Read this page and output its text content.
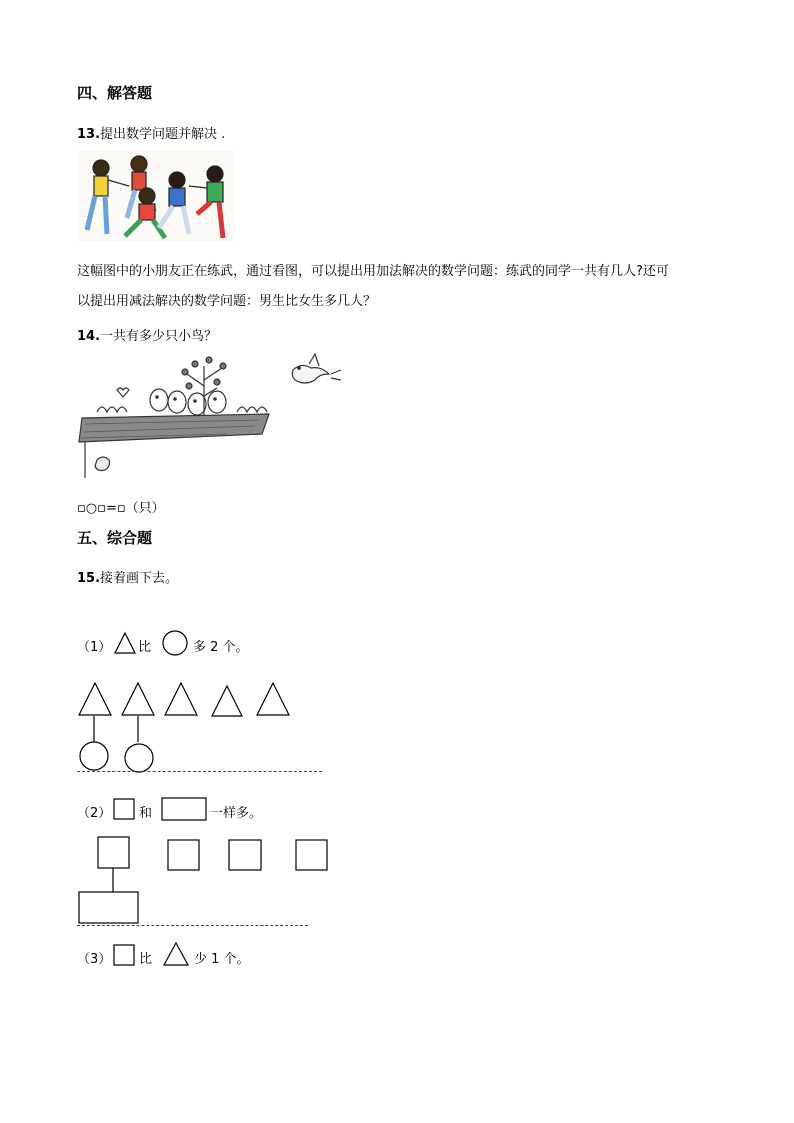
四、解答题
13.提出数学问题并解决 .
这幅图中的小朋友正在练武，通过看图，可以提出用加法解决的数学问题：练武的同学一共有几人?还可
以提出用减法解决的数学问题：男生比女生多几人？
14.一共有多少只小鸟？
▫○▫=▫（只）
五、综合题
15.接着画下去。
（1） 比	多 2 个。
（2） 和	一样多。
（3） 比	少 1 个。
